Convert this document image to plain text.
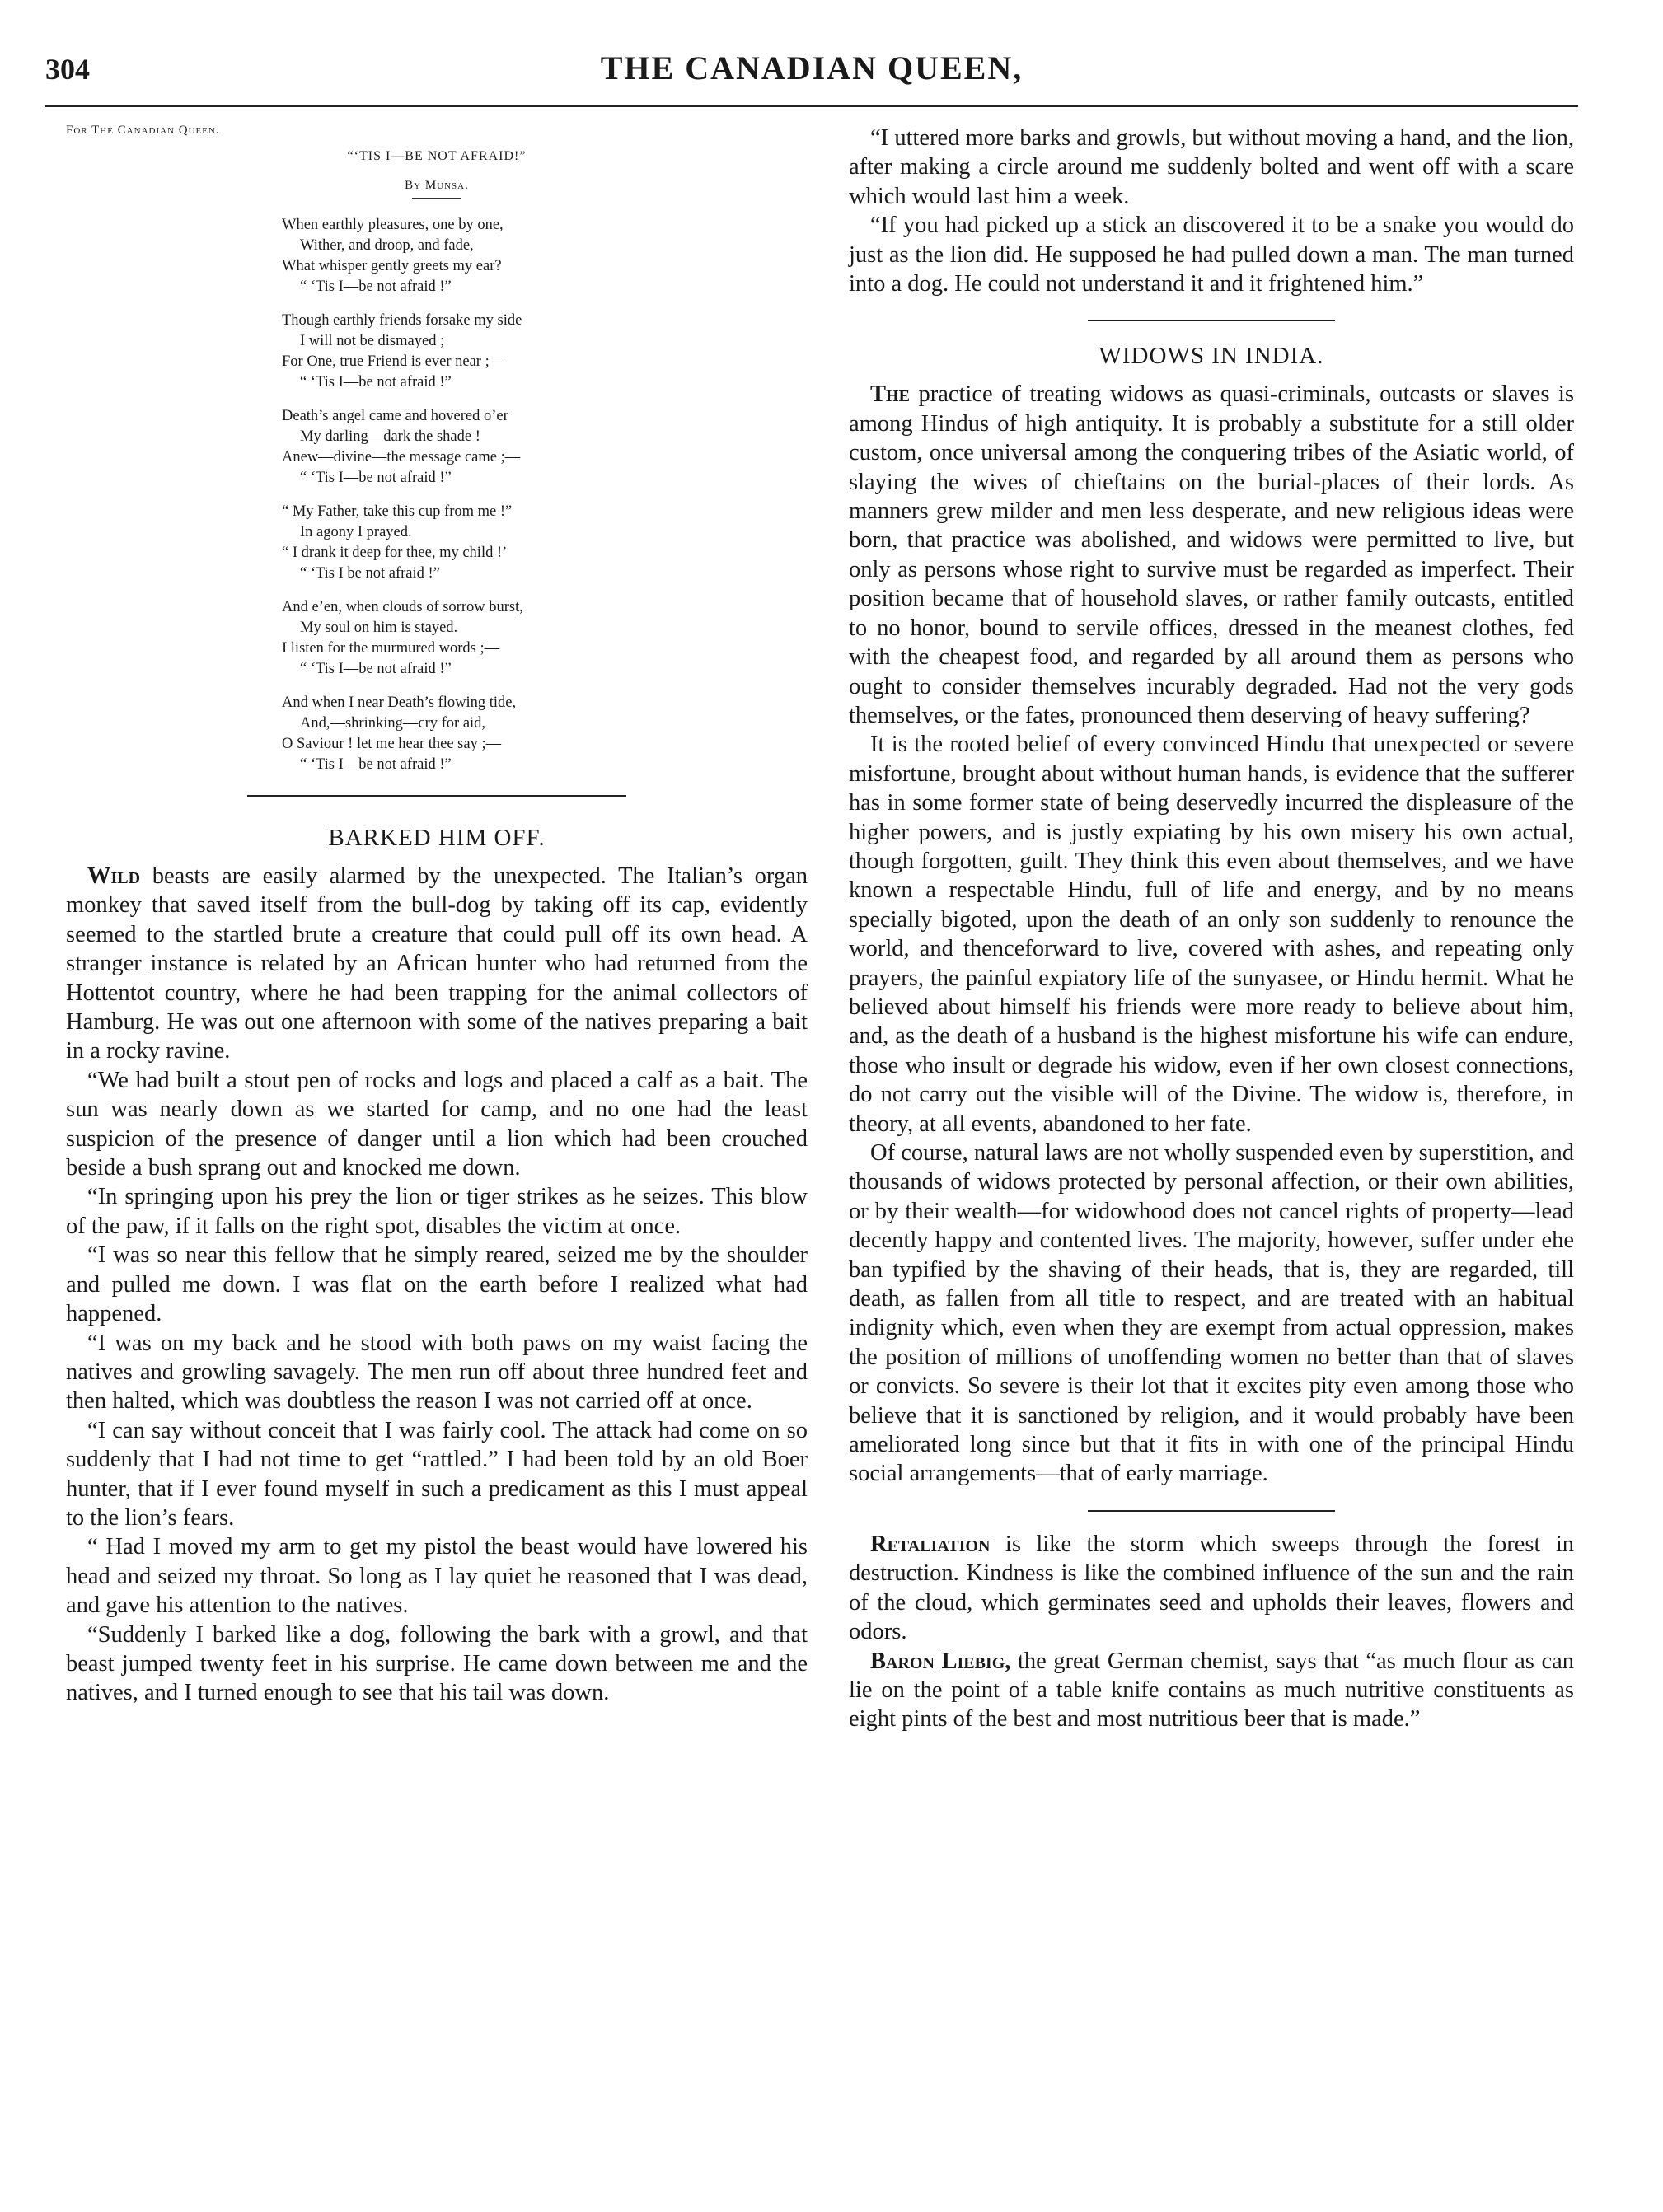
304	THE CANADIAN QUEEN,
For The Canadian Queen.
“‘TIS I—BE NOT AFRAID!”
By Munsa.
When earthly pleasures, one by one,
Wither, and droop, and fade,
What whisper gently greets my ear?
“ ‘Tis I—be not afraid !”
Though earthly friends forsake my side
I will not be dismayed ;
For One, true Friend is ever near ;—
“ ‘Tis I—be not afraid !”
Death’s angel came and hovered o’er
My darling—dark the shade !
Anew—divine—the message came ;—
“ ‘Tis I—be not afraid !”
“ My Father, take this cup from me !”
In agony I prayed.
“ I drank it deep for thee, my child !’
“ ‘Tis I be not afraid !”
And e’en, when clouds of sorrow burst,
My soul on him is stayed.
I listen for the murmured words ;—
“ ‘Tis I—be not afraid !”
And when I near Death’s flowing tide,
And,—shrinking—cry for aid,
O Saviour ! let me hear thee say ;—
“ ‘Tis I—be not afraid !”
BARKED HIM OFF.

Wild beasts are easily alarmed by the unexpected. The Italian’s organ monkey that saved itself from the bull-dog by taking off its cap, evidently seemed to the startled brute a creature that could pull off its own head. A stranger instance is related by an African hunter who had returned from the Hottentot country, where he had been trapping for the animal collectors of Hamburg. He was out one afternoon with some of the natives preparing a bait in a rocky ravine.

“We had built a stout pen of rocks and logs and placed a calf as a bait. The sun was nearly down as we started for camp, and no one had the least suspicion of the presence of danger until a lion which had been crouched beside a bush sprang out and knocked me down.

“In springing upon his prey the lion or tiger strikes as he seizes. This blow of the paw, if it falls on the right spot, disables the victim at once.

“I was so near this fellow that he simply reared, seized me by the shoulder and pulled me down. I was flat on the earth before I realized what had happened.

“I was on my back and he stood with both paws on my waist facing the natives and growling savagely. The men run off about three hundred feet and then halted, which was doubtless the reason I was not carried off at once.

“I can say without conceit that I was fairly cool. The attack had come on so suddenly that I had not time to get “rattled.” I had been told by an old Boer hunter, that if I ever found myself in such a predicament as this I must appeal to the lion’s fears.

“ Had I moved my arm to get my pistol the beast would have lowered his head and seized my throat. So long as I lay quiet he reasoned that I was dead, and gave his attention to the natives.

“Suddenly I barked like a dog, following the bark with a growl, and that beast jumped twenty feet in his surprise. He came down between me and the natives, and I turned enough to see that his tail was down.

“I uttered more barks and growls, but without moving a hand, and the lion, after making a circle around me suddenly bolted and went off with a scare which would last him a week.

“If you had picked up a stick an discovered it to be a snake you would do just as the lion did. He supposed he had pulled down a man. The man turned into a dog. He could not understand it and it frightened him.”

WIDOWS IN INDIA.

The practice of treating widows as quasi-criminals, outcasts or slaves is among Hindus of high antiquity. It is probably a substitute for a still older custom, once universal among the conquering tribes of the Asiatic world, of slaying the wives of chieftains on the burial-places of their lords. As manners grew milder and men less desperate, and new religious ideas were born, that practice was abolished, and widows were permitted to live, but only as persons whose right to survive must be regarded as imperfect. Their position became that of household slaves, or rather family outcasts, entitled to no honor, bound to servile offices, dressed in the meanest clothes, fed with the cheapest food, and regarded by all around them as persons who ought to consider themselves incurably degraded. Had not the very gods themselves, or the fates, pronounced them deserving of heavy suffering?

It is the rooted belief of every convinced Hindu that unexpected or severe misfortune, brought about without human hands, is evidence that the sufferer has in some former state of being deservedly incurred the displeasure of the higher powers, and is justly expiating by his own misery his own actual, though forgotten, guilt. They think this even about themselves, and we have known a respectable Hindu, full of life and energy, and by no means specially bigoted, upon the death of an only son suddenly to renounce the world, and thenceforward to live, covered with ashes, and repeating only prayers, the painful expiatory life of the sunyasee, or Hindu hermit. What he believed about himself his friends were more ready to believe about him, and, as the death of a husband is the highest misfortune his wife can endure, those who insult or degrade his widow, even if her own closest connections, do not carry out the visible will of the Divine. The widow is, therefore, in theory, at all events, abandoned to her fate.

Of course, natural laws are not wholly suspended even by superstition, and thousands of widows protected by personal affection, or their own abilities, or by their wealth—for widowhood does not cancel rights of property—lead decently happy and contented lives. The majority, however, suffer under ehe ban typified by the shaving of their heads, that is, they are regarded, till death, as fallen from all title to respect, and are treated with an habitual indignity which, even when they are exempt from actual oppression, makes the position of millions of unoffending women no better than that of slaves or convicts. So severe is their lot that it excites pity even among those who believe that it is sanctioned by religion, and it would probably have been ameliorated long since but that it fits in with one of the principal Hindu social arrangements—that of early marriage.

Retaliation is like the storm which sweeps through the forest in destruction. Kindness is like the combined influence of the sun and the rain of the cloud, which germinates seed and upholds their leaves, flowers and odors.

Baron Liebig, the great German chemist, says that “as much flour as can lie on the point of a table knife contains as much nutritive constituents as eight pints of the best and most nutritious beer that is made.”
